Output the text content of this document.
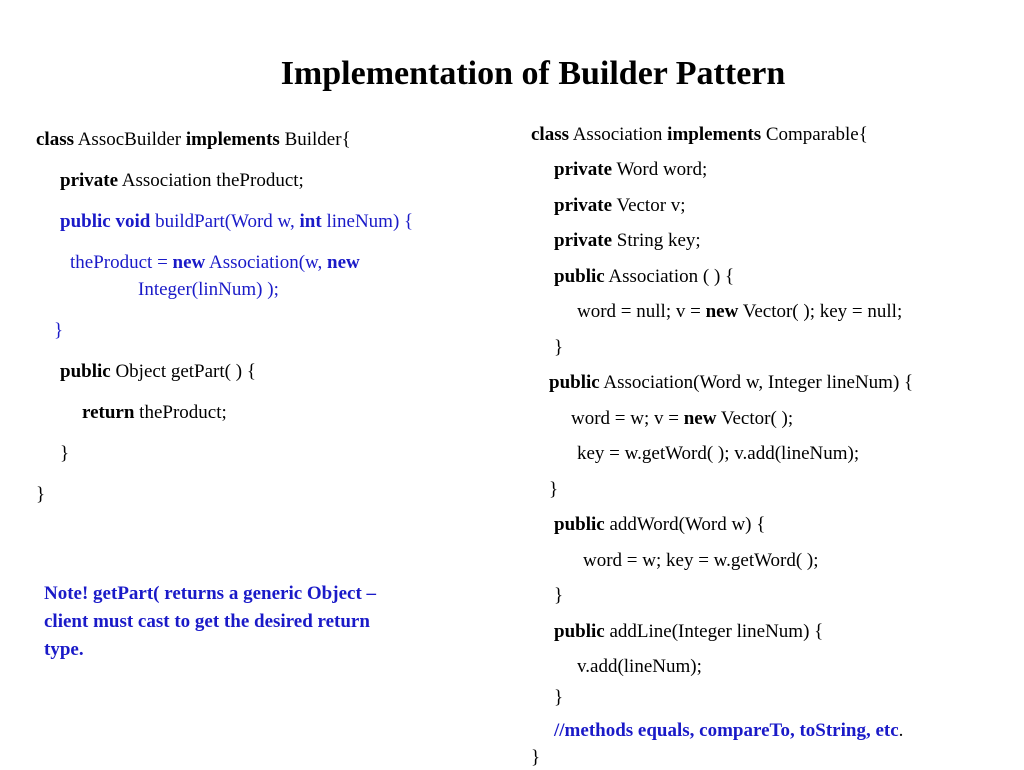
Implementation of Builder Pattern
class AssocBuilder implements Builder{
private Association theProduct;
public void buildPart(Word w, int lineNum) {
theProduct = new Association(w, new
Integer(linNum) );
}
public Object getPart( ) {
return theProduct;
}
}
Note! getPart( returns a generic Object – client must cast to get the desired return type.
class Association implements Comparable{
private Word word;
private Vector v;
private String key;
public Association ( ) {
word = null; v = new Vector( ); key = null;
}
public Association(Word w, Integer lineNum) {
word = w; v = new Vector( );
key = w.getWord( ); v.add(lineNum);
}
public addWord(Word w) {
word = w; key = w.getWord( );
}
public addLine(Integer lineNum) {
v.add(lineNum);
}
//methods equals, compareTo, toString, etc.
}
